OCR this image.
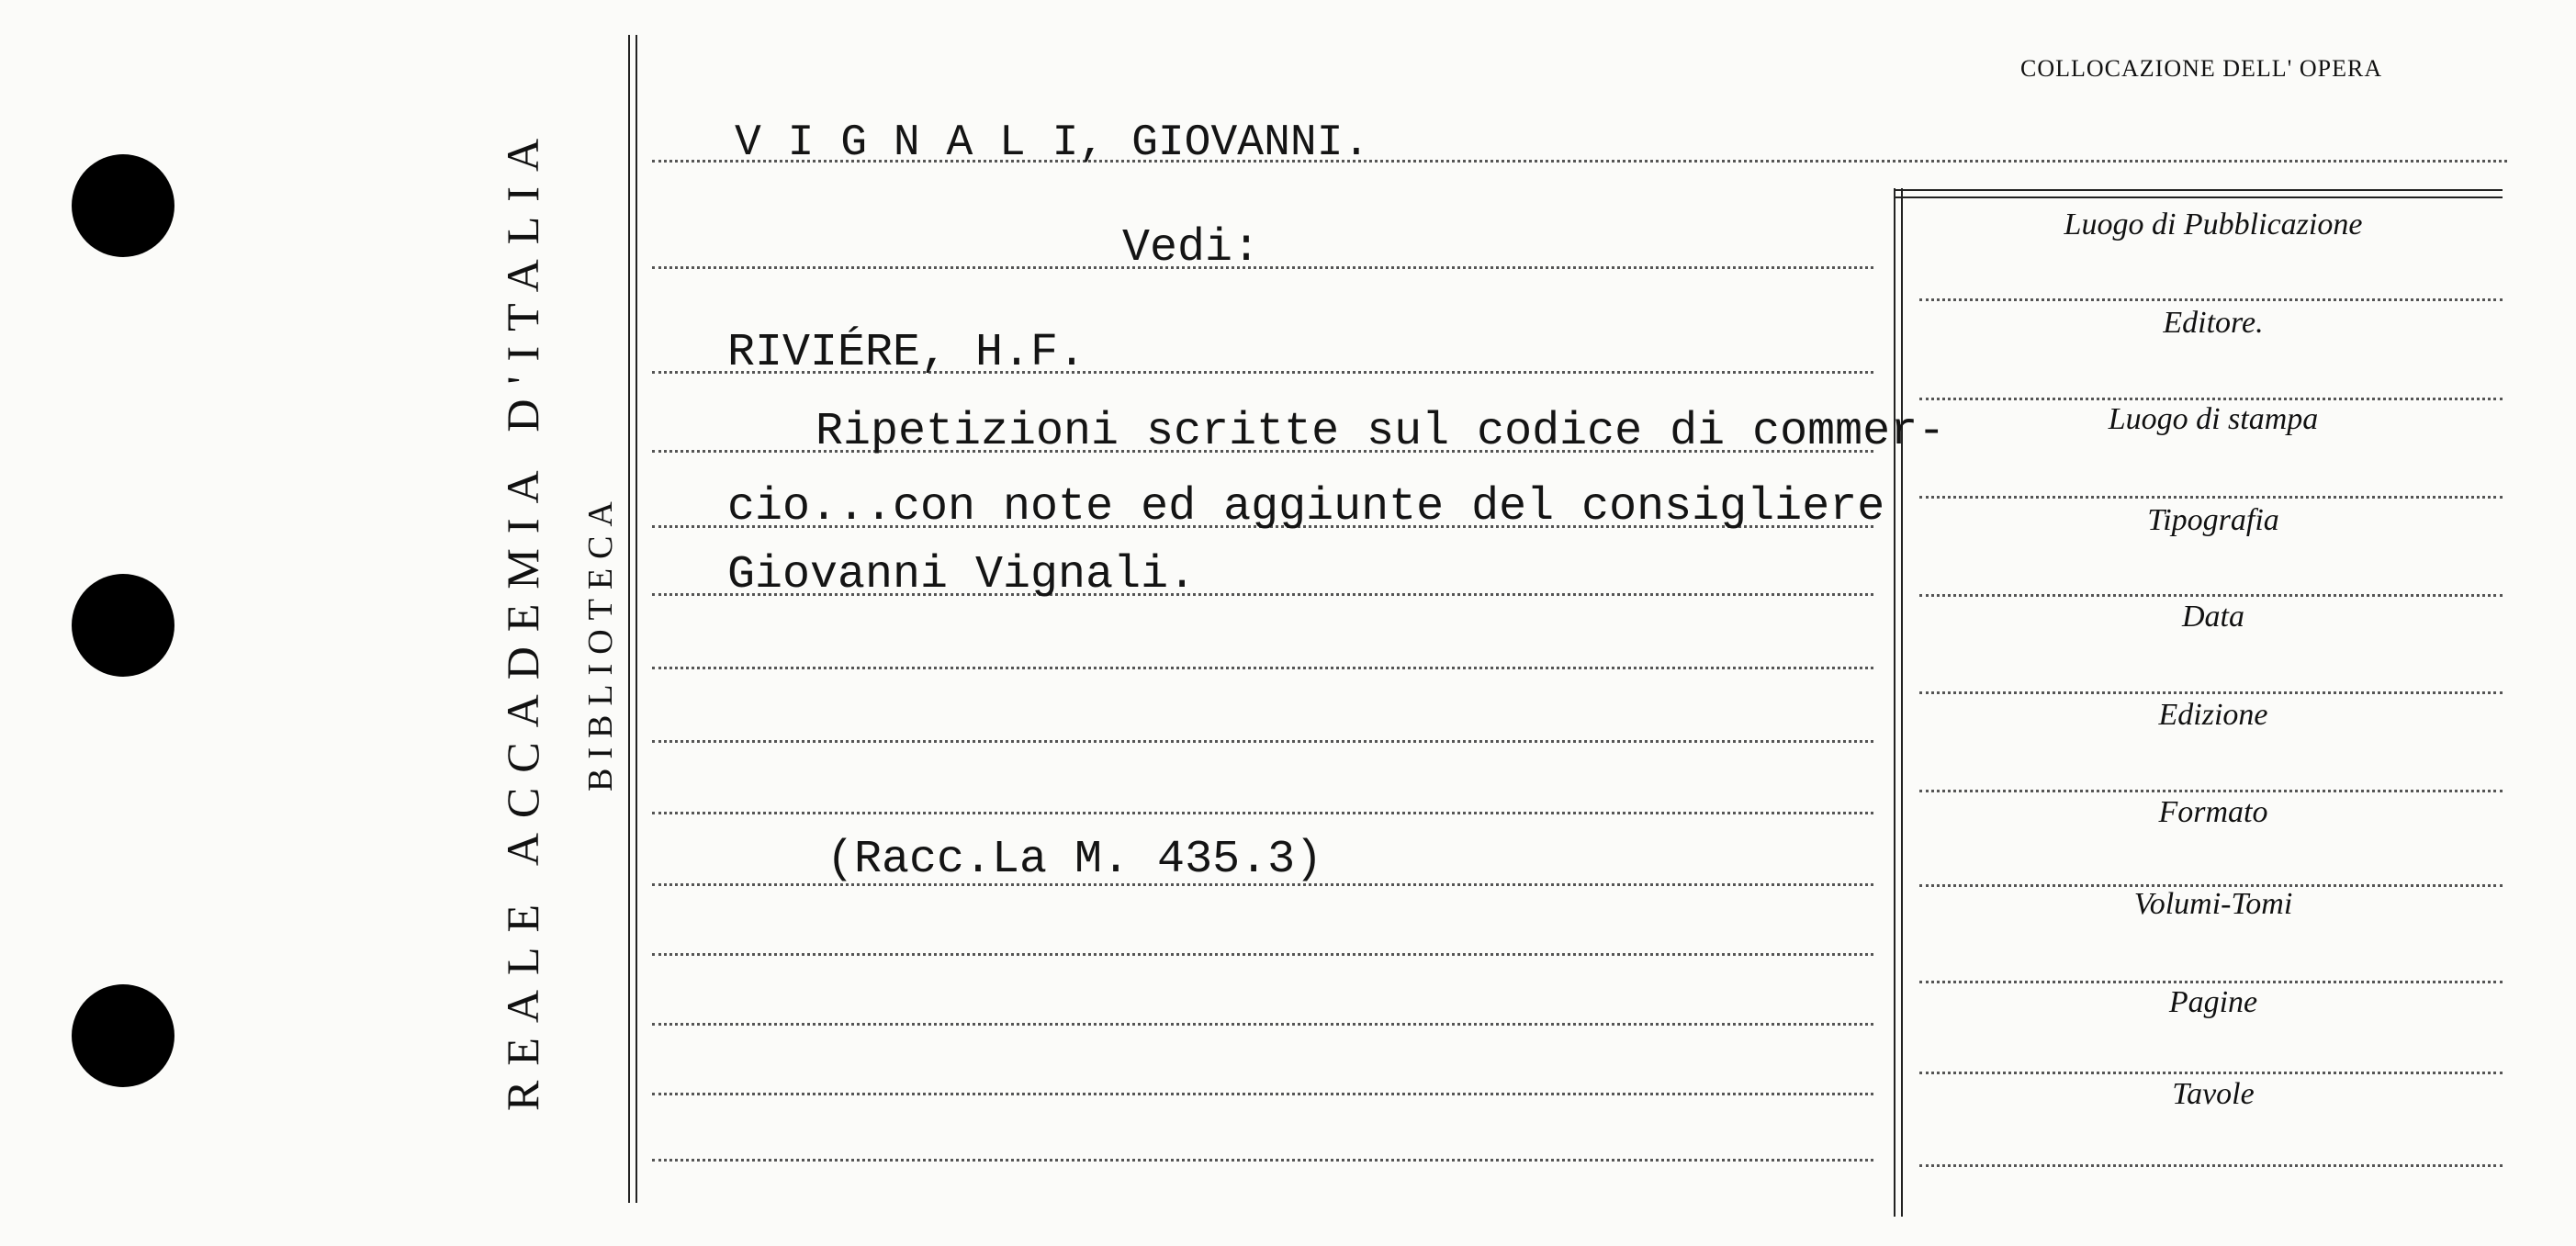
REALE ACCADEMIA D'ITALIA BIBLIOTECA
COLLOCAZIONE DELL' OPERA
V I G N A L I, GIOVANNI.
Vedi:
RIVIÉRE, H.F.
Ripetizioni scritte sul codice di commer-
cio...con note ed aggiunte del consigliere
Giovanni Vignali.
(Racc.La M. 435.3)
Luogo di Pubblicazione
Editore.
Luogo di stampa
Tipografia
Data
Edizione
Formato
Volumi-Tomi
Pagine
Tavole
